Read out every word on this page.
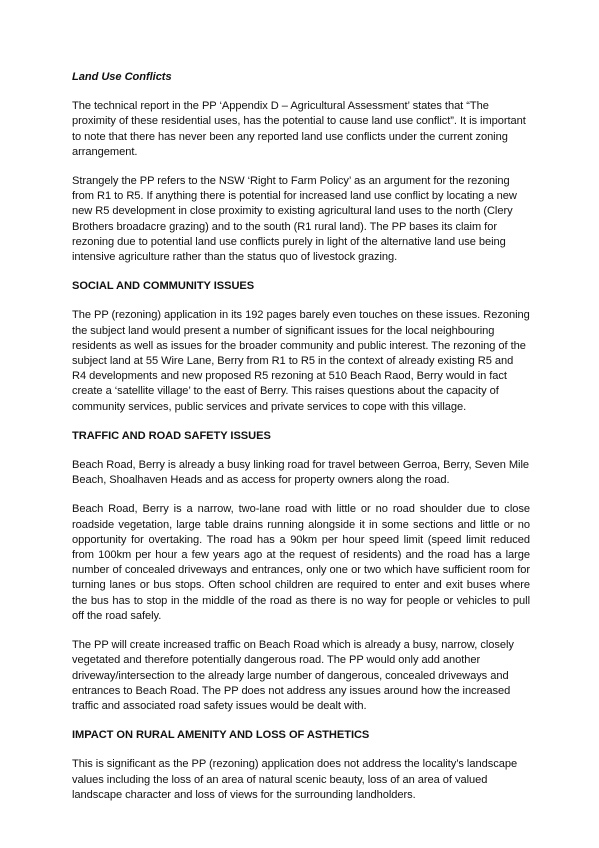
Land Use Conflicts

The technical report in the PP ‘Appendix D – Agricultural Assessment’ states that “The proximity of these residential uses, has the potential to cause land use conflict”. It is important to note that there has never been any reported land use conflicts under the current zoning arrangement.

Strangely the PP refers to the NSW ‘Right to Farm Policy’ as an argument for the rezoning from R1 to R5. If anything there is potential for increased land use conflict by locating a new new R5 development in close proximity to existing agricultural land uses to the north (Clery Brothers broadacre grazing) and to the south (R1 rural land). The PP bases its claim for rezoning due to potential land use conflicts purely in light of the alternative land use being intensive agriculture rather than the status quo of livestock grazing.

SOCIAL AND COMMUNITY ISSUES

The PP (rezoning) application in its 192 pages barely even touches on these issues. Rezoning the subject land would present a number of significant issues for the local neighbouring residents as well as issues for the broader community and public interest. The rezoning of the subject land at 55 Wire Lane, Berry from R1 to R5 in the context of already existing R5 and R4 developments and new proposed R5 rezoning at 510 Beach Raod, Berry would in fact create a ‘satellite village’ to the east of Berry. This raises questions about the capacity of community services, public services and private services to cope with this village.

TRAFFIC AND ROAD SAFETY ISSUES

Beach Road, Berry is already a busy linking road for travel between Gerroa, Berry, Seven Mile Beach, Shoalhaven Heads and as access for property owners along the road.

Beach Road, Berry is a narrow, two-lane road with little or no road shoulder due to close roadside vegetation, large table drains running alongside it in some sections and little or no opportunity for overtaking. The road has a 90km per hour speed limit (speed limit reduced from 100km per hour a few years ago at the request of residents) and the road has a large number of concealed driveways and entrances, only one or two which have sufficient room for turning lanes or bus stops. Often school children are required to enter and exit buses where the bus has to stop in the middle of the road as there is no way for people or vehicles to pull off the road safely.

The PP will create increased traffic on Beach Road which is already a busy, narrow, closely vegetated and therefore potentially dangerous road. The PP would only add another driveway/intersection to the already large number of dangerous, concealed driveways and entrances to Beach Road. The PP does not address any issues around how the increased traffic and associated road safety issues would be dealt with.

IMPACT ON RURAL AMENITY AND LOSS OF ASTHETICS

This is significant as the PP (rezoning) application does not address the locality’s landscape values including the loss of an area of natural scenic beauty, loss of an area of valued landscape character and loss of views for the surrounding landholders.
